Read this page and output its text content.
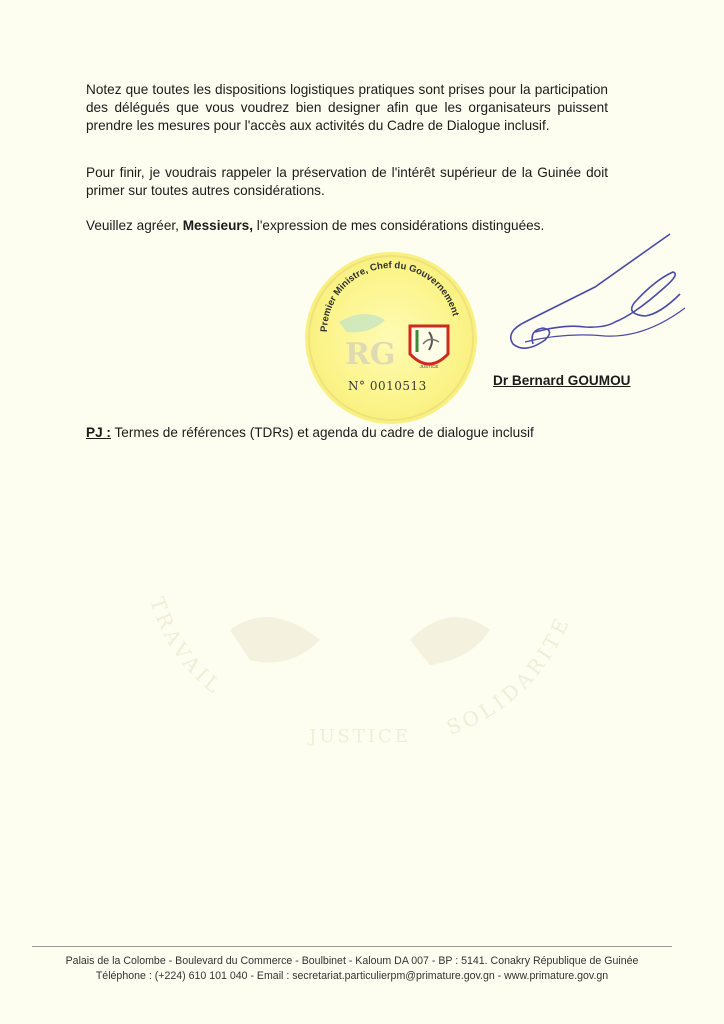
Notez que toutes les dispositions logistiques pratiques sont prises pour la participation des délégués que vous voudrez bien designer afin que les organisateurs puissent prendre les mesures pour l'accès aux activités du Cadre de Dialogue inclusif.

Pour finir, je voudrais rappeler la préservation de l'intérêt supérieur de la Guinée doit primer sur toutes autres considérations.

Veuillez agréer, Messieurs, l'expression de mes considérations distinguées.

TRAVAIL
SOLIDARITE
JUSTICE
Premier Ministre, Chef du Gouvernement
RG	JUSTICE
N° 0010513	Dr Bernard GOUMOU

PJ : Termes de références (TDRs) et agenda du cadre de dialogue inclusif

Palais de la Colombe - Boulevard du Commerce - Boulbinet - Kaloum DA 007 - BP : 5141. Conakry République de Guinée
Téléphone : (+224) 610 101 040 - Email : secretariat.particulierpm@primature.gov.gn - www.primature.gov.gn
